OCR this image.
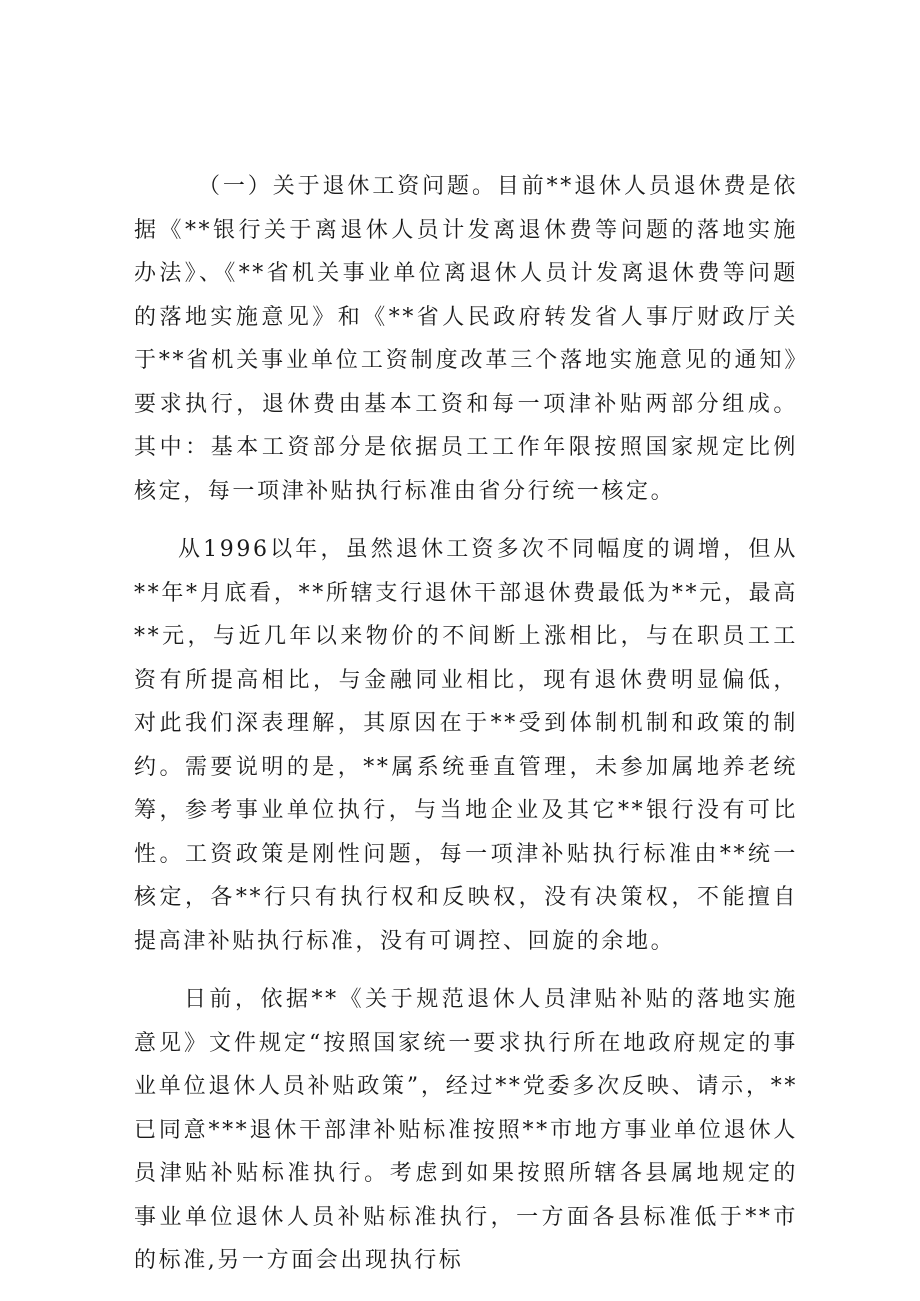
（一）关于退休工资问题。目前**退休人员退休费是依据《**银行关于离退休人员计发离退休费等问题的落地实施办法》、《**省机关事业单位离退休人员计发离退休费等问题的落地实施意见》和《**省人民政府转发省人事厅财政厅关于**省机关事业单位工资制度改革三个落地实施意见的通知》要求执行，退休费由基本工资和每一项津补贴两部分组成。其中：基本工资部分是依据员工工作年限按照国家规定比例核定，每一项津补贴执行标准由省分行统一核定。

从1996以年，虽然退休工资多次不同幅度的调增，但从**年*月底看，**所辖支行退休干部退休费最低为**元，最高**元，与近几年以来物价的不间断上涨相比，与在职员工工资有所提高相比，与金融同业相比，现有退休费明显偏低，对此我们深表理解，其原因在于**受到体制机制和政策的制约。需要说明的是，**属系统垂直管理，未参加属地养老统筹，参考事业单位执行，与当地企业及其它**银行没有可比性。工资政策是刚性问题，每一项津补贴执行标准由**统一核定，各**行只有执行权和反映权，没有决策权，不能擅自提高津补贴执行标准，没有可调控、回旋的余地。

日前，依据**《关于规范退休人员津贴补贴的落地实施意见》文件规定“按照国家统一要求执行所在地政府规定的事业单位退休人员补贴政策”，经过**党委多次反映、请示，**已同意***退休干部津补贴标准按照**市地方事业单位退休人员津贴补贴标准执行。考虑到如果按照所辖各县属地规定的事业单位退休人员补贴标准执行，一方面各县标准低于**市的标准,另一方面会出现执行标
